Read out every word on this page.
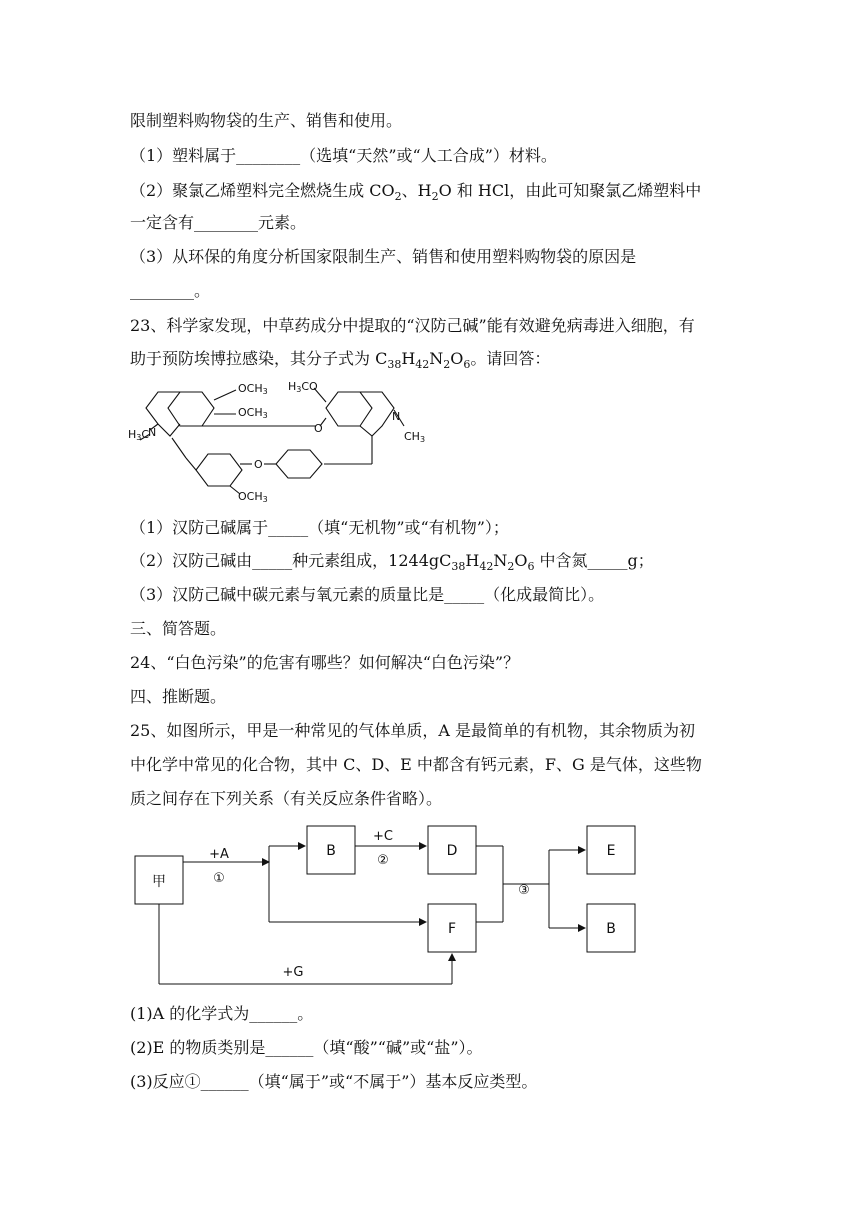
限制塑料购物袋的生产、销售和使用。
（1）塑料属于________（选填“天然”或“人工合成”）材料。
（2）聚氯乙烯塑料完全燃烧生成 $CO_2$、$H_2O$ 和 HCl，由此可知聚氯乙烯塑料中
一定含有________元素。
（3）从环保的角度分析国家限制生产、销售和使用塑料购物袋的原因是
________。
23、科学家发现，中草药成分中提取的“汉防己碱”能有效避免病毒进入细胞，有
助于预防埃博拉感染，其分子式为 $C_{38}H_{42}N_2O_6$。请回答：
OCH3
OCH3
H3CO
N
N
H3C	CH3
O
O
OCH3
（1）汉防己碱属于_____（填“无机物”或“有机物”）；
（2）汉防己碱由_____种元素组成，$1244gC_{38}H_{42}N_2O_6$ 中含氮_____g；
（3）汉防己碱中碳元素与氧元素的质量比是_____（化成最简比）。
三、简答题。
24、“白色污染”的危害有哪些？如何解决“白色污染”？
四、推断题。
25、如图所示，甲是一种常见的气体单质，A 是最简单的有机物，其余物质为初
中化学中常见的化合物，其中 C、D、E 中都含有钙元素，F、G 是气体，这些物
质之间存在下列关系（有关反应条件省略）。
甲
B	D	E
B
F
+A
①
+C
②
③
+G
(1)A 的化学式为______。
(2)E 的物质类别是______（填“酸”“碱”或“盐”）。
(3)反应①______（填“属于”或“不属于”）基本反应类型。
